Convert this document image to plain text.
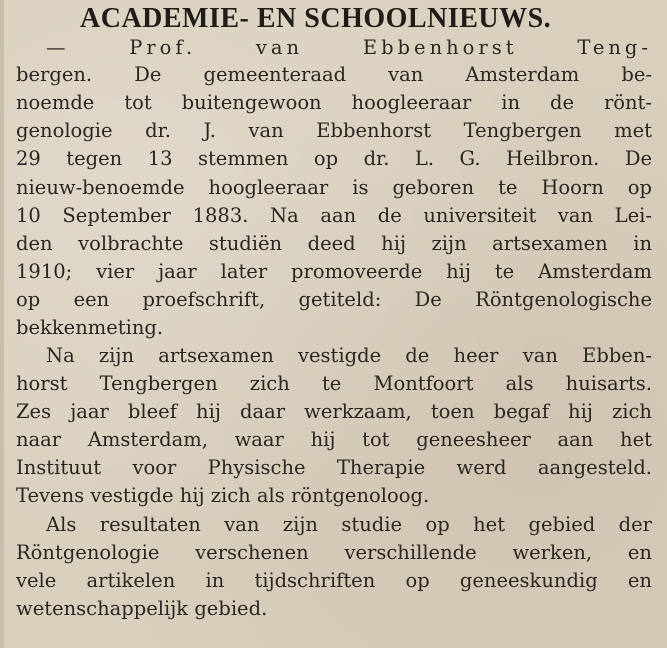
ACADEMIE- EN SCHOOLNIEUWS.
— Prof. van Ebbenhorst Teng-
bergen. De gemeenteraad van Amsterdam be-
noemde tot buitengewoon hoogleeraar in de rönt-
genologie dr. J. van Ebbenhorst Tengbergen met
29 tegen 13 stemmen op dr. L. G. Heilbron. De
nieuw-benoemde hoogleeraar is geboren te Hoorn op
10 September 1883. Na aan de universiteit van Lei-
den volbrachte studiën deed hij zijn artsexamen in
1910; vier jaar later promoveerde hij te Amsterdam
op een proefschrift, getiteld: De Röntgenologische
bekkenmeting.
Na zijn artsexamen vestigde de heer van Ebben-
horst Tengbergen zich te Montfoort als huisarts.
Zes jaar bleef hij daar werkzaam, toen begaf hij zich
naar Amsterdam, waar hij tot geneesheer aan het
Instituut voor Physische Therapie werd aangesteld.
Tevens vestigde hij zich als röntgenoloog.
Als resultaten van zijn studie op het gebied der
Röntgenologie verschenen verschillende werken, en
vele artikelen in tijdschriften op geneeskundig en
wetenschappelijk gebied.
